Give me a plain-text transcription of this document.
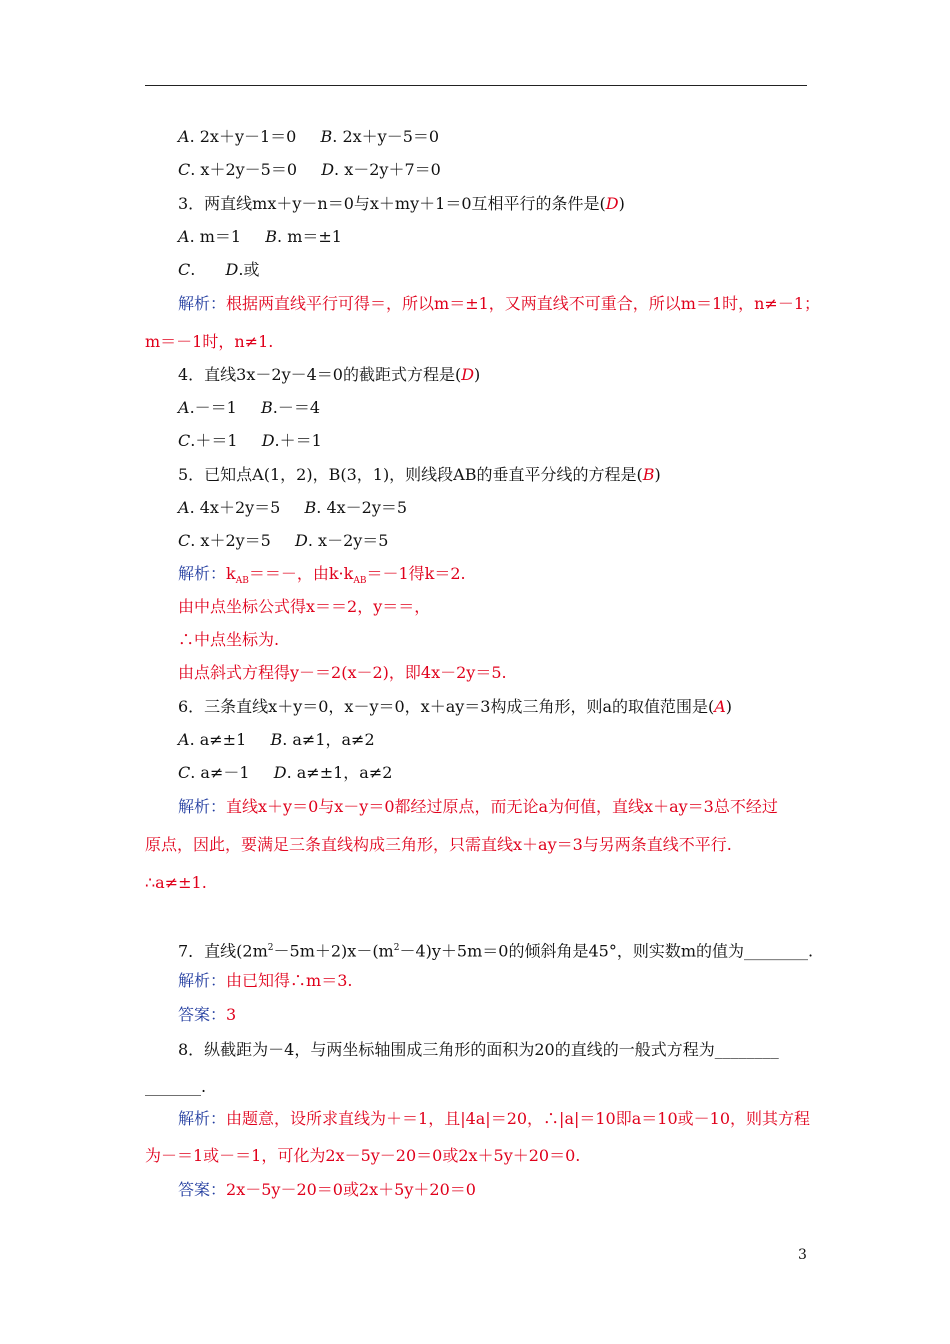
A. 2x＋y－1＝0 B. 2x＋y－5＝0
C. x＋2y－5＝0 D. x－2y＋7＝0
3．两直线mx＋y－n＝0与x＋my＋1＝0互相平行的条件是(D)
A. m＝1 B. m＝±1
C. D.或
解析：根据两直线平行可得＝，所以m＝±1，又两直线不可重合，所以m＝1时，n≠－1；
m＝－1时，n≠1.
4．直线3x－2y－4＝0的截距式方程是(D)
A.－＝1 B.－＝4
C.＋＝1 D.＋＝1
5．已知点A(1，2)，B(3，1)，则线段AB的垂直平分线的方程是(B)
A. 4x＋2y＝5 B. 4x－2y＝5
C. x＋2y＝5 D. x－2y＝5
解析：$k_{AB}==-$，由$k\cdot k_{AB}=-1$得k＝2.
由中点坐标公式得x＝＝2，y＝＝，
∴中点坐标为.
由点斜式方程得y－＝2(x－2)，即4x－2y＝5.
6．三条直线x＋y＝0，x－y＝0，x＋ay＝3构成三角形，则a的取值范围是(A)
A. a≠±1 B. a≠1，a≠2
C. a≠－1 D. a≠±1，a≠2
解析：直线x＋y＝0与x－y＝0都经过原点，而无论a为何值，直线x＋ay＝3总不经过
原点，因此，要满足三条直线构成三角形，只需直线x＋ay＝3与另两条直线不平行.
∴a≠±1.
7．直线$(2m^2-5m+2)x-(m^2-4)y+5m=0$的倾斜角是45°，则实数m的值为________.
解析：由已知得∴m＝3.
答案：3
8．纵截距为－4，与两坐标轴围成三角形的面积为20的直线的一般式方程为________
_______.
解析：由题意，设所求直线为＋＝1，且|4a|＝20，∴|a|＝10即a＝10或－10，则其方程
为－＝1或－＝1，可化为2x－5y－20＝0或2x＋5y＋20＝0.
答案：2x－5y－20＝0或2x＋5y＋20＝0
3
